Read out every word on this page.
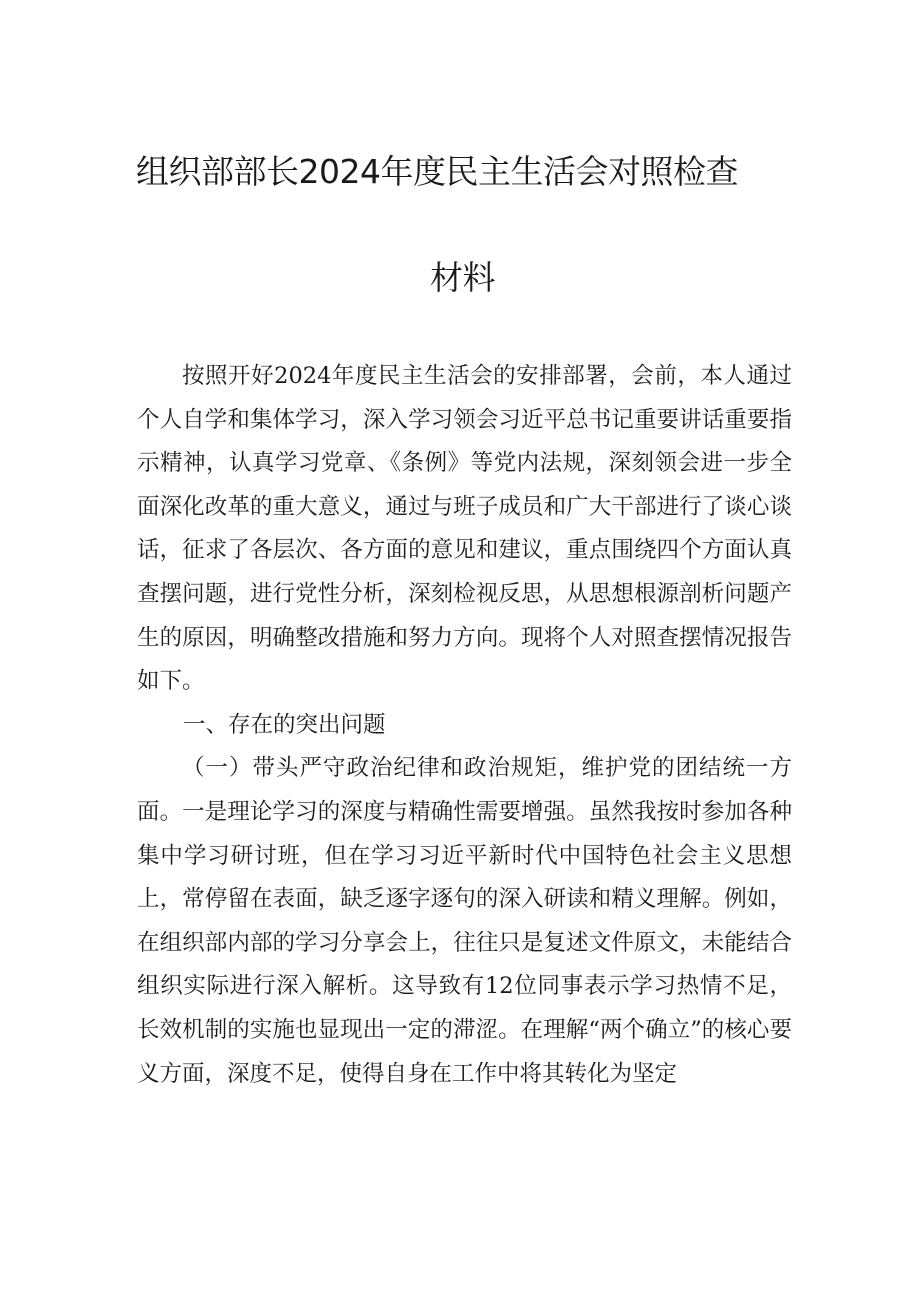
组织部部长2024年度民主生活会对照检查
材料

按照开好2024年度民主生活会的安排部署，会前，本人通过个人自学和集体学习，深入学习领会习近平总书记重要讲话重要指示精神，认真学习党章、《条例》等党内法规，深刻领会进一步全面深化改革的重大意义，通过与班子成员和广大干部进行了谈心谈话，征求了各层次、各方面的意见和建议，重点围绕四个方面认真查摆问题，进行党性分析，深刻检视反思，从思想根源剖析问题产生的原因，明确整改措施和努力方向。现将个人对照查摆情况报告如下。

一、存在的突出问题

（一）带头严守政治纪律和政治规矩，维护党的团结统一方面。一是理论学习的深度与精确性需要增强。虽然我按时参加各种集中学习研讨班，但在学习习近平新时代中国特色社会主义思想上，常停留在表面，缺乏逐字逐句的深入研读和精义理解。例如，在组织部内部的学习分享会上，往往只是复述文件原文，未能结合组织实际进行深入解析。这导致有12位同事表示学习热情不足，长效机制的实施也显现出一定的滞涩。在理解“两个确立”的核心要义方面，深度不足，使得自身在工作中将其转化为坚定
